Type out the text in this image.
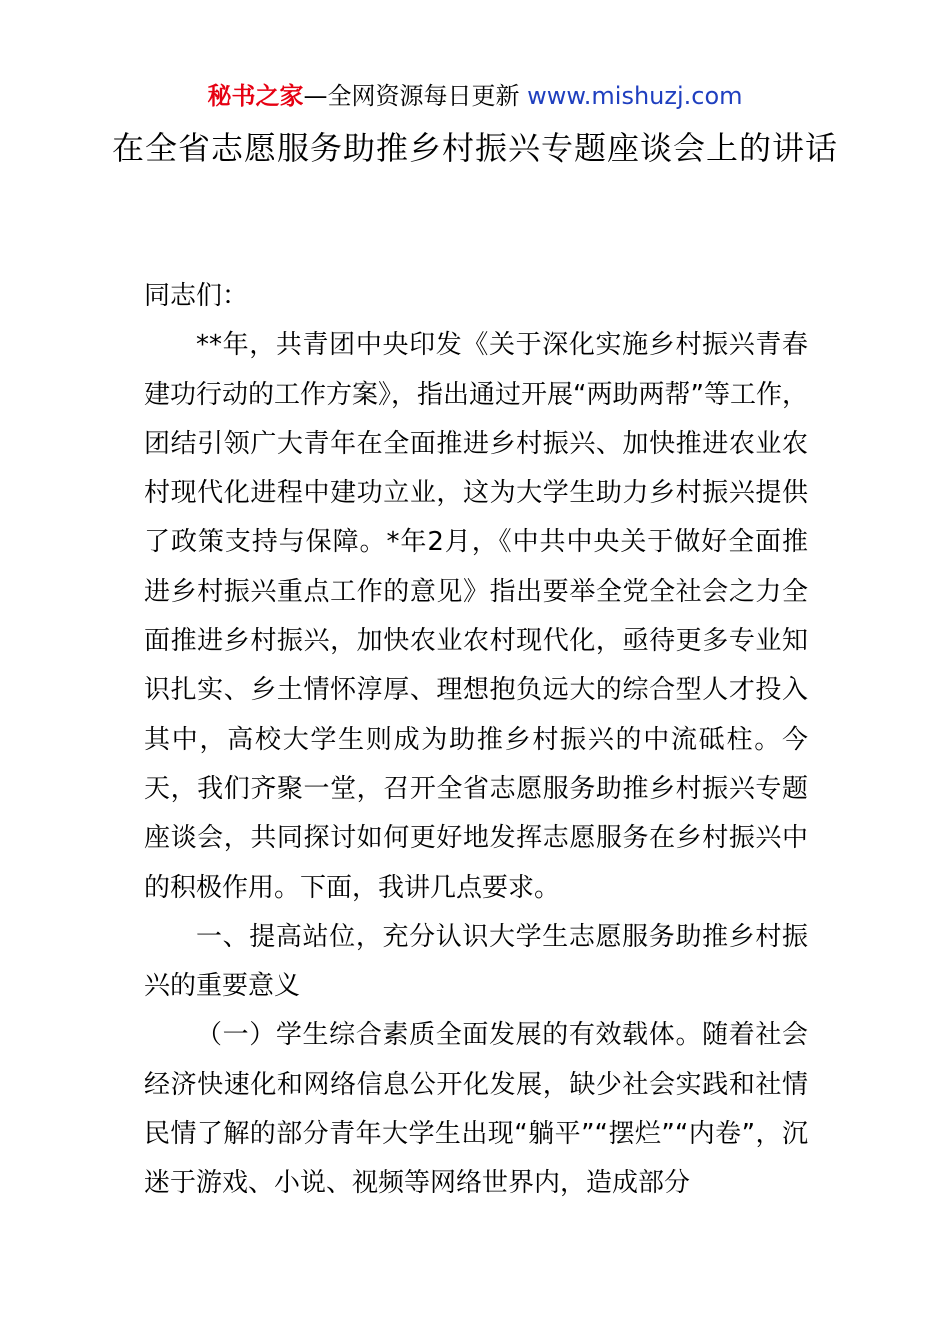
秘书之家—全网资源每日更新 www.mishuzj.com
在全省志愿服务助推乡村振兴专题座谈会上的讲话

同志们：

**年，共青团中央印发《关于深化实施乡村振兴青春建功行动的工作方案》，指出通过开展“两助两帮”等工作，团结引领广大青年在全面推进乡村振兴、加快推进农业农村现代化进程中建功立业，这为大学生助力乡村振兴提供了政策支持与保障。*年2月，《中共中央关于做好全面推进乡村振兴重点工作的意见》指出要举全党全社会之力全面推进乡村振兴，加快农业农村现代化，亟待更多专业知识扎实、乡土情怀淳厚、理想抱负远大的综合型人才投入其中，高校大学生则成为助推乡村振兴的中流砥柱。今天，我们齐聚一堂，召开全省志愿服务助推乡村振兴专题座谈会，共同探讨如何更好地发挥志愿服务在乡村振兴中的积极作用。下面，我讲几点要求。

一、提高站位，充分认识大学生志愿服务助推乡村振兴的重要意义

（一）学生综合素质全面发展的有效载体。随着社会经济快速化和网络信息公开化发展，缺少社会实践和社情民情了解的部分青年大学生出现“躺平”“摆烂”“内卷”，沉迷于游戏、小说、视频等网络世界内，造成部分
